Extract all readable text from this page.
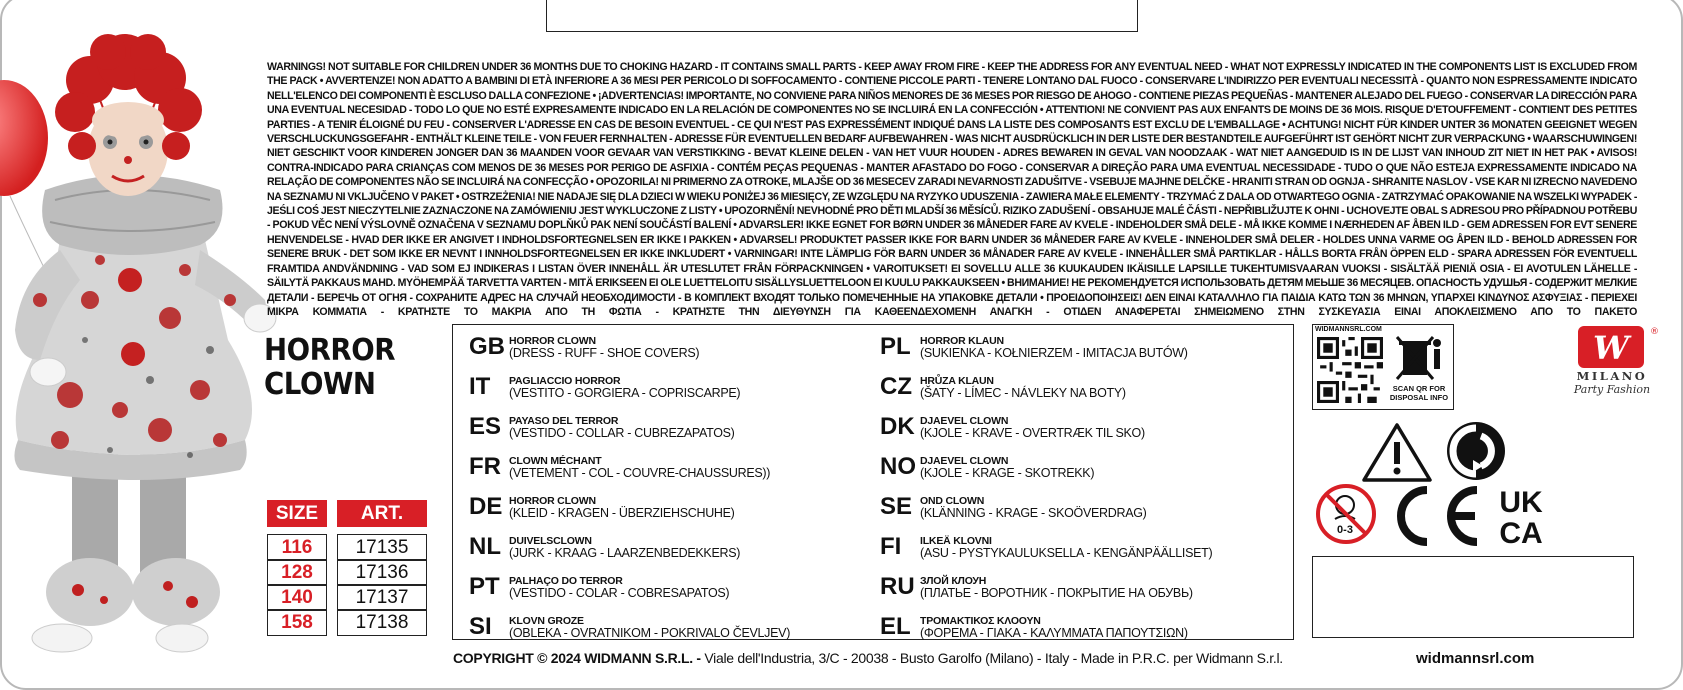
WARNINGS! NOT SUITABLE FOR CHILDREN UNDER 36 MONTHS DUE TO CHOKING HAZARD - IT CONTAINS SMALL PARTS - KEEP AWAY FROM FIRE - KEEP THE ADDRESS FOR ANY EVENTUAL NEED - WHAT NOT EXPRESSLY INDICATED IN THE COMPONENTS LIST IS EXCLUDED FROM THE PACK • AVVERTENZE! NON ADATTO A BAMBINI DI ETÀ INFERIORE A 36 MESI PER PERICOLO DI SOFFOCAMENTO - CONTIENE PICCOLE PARTI - TENERE LONTANO DAL FUOCO - CONSERVARE L'INDIRIZZO PER EVENTUALI NECESSITÀ - QUANTO NON ESPRESSAMENTE INDICATO NELL'ELENCO DEI COMPONENTI È ESCLUSO DALLA CONFEZIONE • ¡ADVERTENCIAS! IMPORTANTE, NO CONVIENE PARA NIÑOS MENORES DE 36 MESES POR RIESGO DE AHOGO - CONTIENE PIEZAS PEQUEÑAS - MANTENER ALEJADO DEL FUEGO - CONSERVAR LA DIRECCIÓN PARA UNA EVENTUAL NECESIDAD - TODO LO QUE NO ESTÉ EXPRESAMENTE INDICADO EN LA RELACIÓN DE COMPONENTES NO SE INCLUIRÁ EN LA CONFECCIÓN • ATTENTION! NE CONVIENT PAS AUX ENFANTS DE MOINS DE 36 MOIS. RISQUE D'ETOUFFEMENT - CONTIENT DES PETITES PARTIES - A TENIR ÉLOIGNÉ DU FEU - CONSERVER L'ADRESSE EN CAS DE BESOIN EVENTUEL - CE QUI N'EST PAS EXPRESSÉMENT INDIQUÉ DANS LA LISTE DES COMPOSANTS EST EXCLU DE L'EMBALLAGE • ACHTUNG! NICHT FÜR KINDER UNTER 36 MONATEN GEEIGNET WEGEN VERSCHLUCKUNGSGEFAHR - ENTHÄLT KLEINE TEILE - VON FEUER FERNHALTEN - ADRESSE FÜR EVENTUELLEN BEDARF AUFBEWAHREN - WAS NICHT AUSDRÜCKLICH IN DER LISTE DER BESTANDTEILE AUFGEFÜHRT IST GEHÖRT NICHT ZUR VERPACKUNG • WAARSCHUWINGEN! NIET GESCHIKT VOOR KINDEREN JONGER DAN 36 MAANDEN VOOR GEVAAR VAN VERSTIKKING - BEVAT KLEINE DELEN - VAN HET VUUR HOUDEN - ADRES BEWAREN IN GEVAL VAN NOODZAAK - WAT NIET AANGEDUID IS IN DE LIJST VAN INHOUD ZIT NIET IN HET PAK • AVISOS! CONTRA-INDICADO PARA CRIANÇAS COM MENOS DE 36 MESES POR PERIGO DE ASFIXIA - CONTÉM PEÇAS PEQUENAS - MANTER AFASTADO DO FOGO - CONSERVAR A DIREÇÃO PARA UMA EVENTUAL NECESSIDADE - TUDO O QUE NÃO ESTEJA EXPRESSAMENTE INDICADO NA RELAÇÃO DE COMPONENTES NÃO SE INCLUIRÁ NA CONFECÇÃO • OPOZORILA! NI PRIMERNO ZA OTROKE, MLAJŠE OD 36 MESECEV ZARADI NEVARNOSTI ZADUŠITVE - VSEBUJE MAJHNE DELČKE - HRANITI STRAN OD OGNJA - SHRANITE NASLOV - VSE KAR NI IZRECNO NAVEDENO NA SEZNAMU NI VKLJUČENO V PAKET • OSTRZEŻENIA! NIE NADAJE SIĘ DLA DZIECI W WIEKU PONIŻEJ 36 MIESIĘCY, ZE WZGLĘDU NA RYZYKO UDUSZENIA - ZAWIERA MAŁE ELEMENTY - TRZYMAĆ Z DALA OD OTWARTEGO OGNIA - ZATRZYMAĆ OPAKOWANIE NA WSZELKI WYPADEK - JEŚLI COŚ JEST NIECZYTELNIE ZAZNACZONE NA ZAMÓWIENIU JEST WYKLUCZONE Z LISTY • UPOZORNĚNÍ! NEVHODNÉ PRO DĚTI MLADŠÍ 36 MĚSÍCŮ. RIZIKO ZADUŠENÍ - OBSAHUJE MALÉ ČÁSTI - NEPŘIBLIŽUJTE K OHNI - UCHOVEJTE OBAL S ADRESOU PRO PŘÍPADNOU POTŘEBU - POKUD VĚC NENÍ VÝSLOVNĚ OZNAČENA V SEZNAMU DOPLŇKŮ PAK NENÍ SOUČÁSTÍ BALENÍ • ADVARSLER! IKKE EGNET FOR BØRN UNDER 36 MÅNEDER FARE AV KVELE - INDEHOLDER SMÅ DELE - MÅ IKKE KOMME I NÆRHEDEN AF ÅBEN ILD - GEM ADRESSEN FOR EVT SENERE HENVENDELSE - HVAD DER IKKE ER ANGIVET I INDHOLDSFORTEGNELSEN ER IKKE I PAKKEN • ADVARSEL! PRODUKTET PASSER IKKE FOR BARN UNDER 36 MÅNEDER FARE AV KVELE - INNEHOLDER SMÅ DELER - HOLDES UNNA VARME OG ÅPEN ILD - BEHOLD ADRESSEN FOR SENERE BRUK - DET SOM IKKE ER NEVNT I INNHOLDSFORTEGNELSEN ER IKKE INKLUDERT • VARNINGAR! INTE LÄMPLIG FÖR BARN UNDER 36 MÅNADER FARE AV KVELE - INNEHÅLLER SMÅ PARTIKLAR - HÅLLS BORTA FRÅN ÖPPEN ELD - SPARA ADRESSEN FÖR EVENTUELL FRAMTIDA ANDVÄNDNING - VAD SOM EJ INDIKERAS I LISTAN ÖVER INNEHÅLL ÄR UTESLUTET FRÅN FÖRPACKNINGEN • VAROITUKSET! EI SOVELLU ALLE 36 KUUKAUDEN IKÄISILLE LAPSILLE TUKEHTUMISVAARAN VUOKSI - SISÄLTÄÄ PIENIÄ OSIA - EI AVOTULEN LÄHELLE - SÄILYTÄ PAKKAUS MAHD. MYÖHEMPÄÄ TARVETTA VARTEN - MITÄ ERIKSEEN EI OLE LUETTELOITU SISÄLLYSLUETTELOON EI KUULU PAKKAUKSEEN • ВНИМАНИЕ! НЕ РЕКОМЕНДУЕТСЯ ИСПОЛЬЗОВАТЬ ДЕТЯМ МЕЬШЕ 36 МЕСЯЦЕВ. ОПАСНОСТЬ УДУШЬЯ - СОДЕРЖИТ МЕЛКИЕ ДЕТАЛИ - БЕРЕЧЬ ОТ ОГНЯ - СОХРАНИТЕ АДРЕС НА СЛУЧАЙ НЕОБХОДИМОСТИ - В КОМПЛЕКТ ВХОДЯТ ТОЛЬКО ПОМЕЧЕННЫЕ НА УПАКОВКЕ ДЕТАЛИ • ΠΡΟΕΙΔΟΠΟΙΗΣΕΙΣ! ΔΕΝ ΕΙΝΑΙ ΚΑΤΑΛΛΗΛΟ ΓΙΑ ΠΑΙΔΙΑ ΚΑΤΩ ΤΩΝ 36 ΜΗΝΩΝ, ΥΠΑΡΧΕΙ ΚΙΝΔΥΝΟΣ ΑΣΦΥΞΙΑΣ - ΠΕΡΙΕΧΕΙ ΜΙΚΡΑ ΚΟΜΜΑΤΙΑ - ΚΡΑΤΗΣΤΕ ΤΟ ΜΑΚΡΙΑ ΑΠΟ ΤΗ ΦΩΤΙΑ - ΚΡΑΤΗΣΤΕ ΤΗΝ ΔΙΕΥΘΥΝΣΗ ΓΙΑ ΚΑΘΕΕΝΔΕΧΟΜΕΝΗ ΑΝΑΓΚΗ - ΟΤΙΔΕΝ ΑΝΑΦΕΡΕΤΑΙ ΣΗΜΕΙΩΜΕΝΟ ΣΤΗΝ ΣΥΣΚΕΥΑΣΙΑ ΕΙΝΑΙ ΑΠΟΚΛΕΙΣΜΕΝΟ ΑΠΟ ΤΟ ΠΑΚΕΤΟ
HORROR
CLOWN
SIZE	ART.
116	17135
128	17136
140	17137
158	17138
GB HORROR CLOWN
(DRESS - RUFF - SHOE COVERS)
IT	PAGLIACCIO HORROR
(VESTITO - GORGIERA - COPRISCARPE)
ES PAYASO DEL TERROR
(VESTIDO - COLLAR - CUBREZAPATOS)
FR CLOWN MÉCHANT
(VETEMENT - COL - COUVRE-CHAUSSURES))
DE HORROR CLOWN
(KLEID - KRAGEN - ÜBERZIEHSCHUHE)
NL DUIVELSCLOWN
(JURK - KRAAG - LAARZENBEDEKKERS)
PT PALHAÇO DO TERROR
(VESTIDO - COLAR - COBRESAPATOS)
SI	KLOVN GROZE
(OBLEKA - OVRATNIKOM - POKRIVALO ČEVLJEV)
PL HORROR KLAUN
(SUKIENKA - KOŁNIERZEM - IMITACJA BUTÓW)
CZ HRŮZA KLAUN
(ŠATY - LÍMEC - NÁVLEKY NA BOTY)
DK DJAEVEL CLOWN
(KJOLE - KRAVE - OVERTRÆK TIL SKO)
NO DJAEVEL CLOWN
(KJOLE - KRAGE - SKOTREKK)
SE OND CLOWN
(KLÄNNING - KRAGE - SKOÖVERDRAG)
FI	ILKEÄ KLOVNI
(ASU - PYSTYKAULUKSELLA - KENGÄNPÄÄLLISET)
RU ЗЛОЙ КЛОУН
(ПЛАТЬЕ - ВОРОТНИК - ПОКРЫТИЕ НА ОБУВЬ)
EL ΤΡΟΜΑΚΤΙΚΟΣ ΚΛΟΟΥΝ
(ΦΟΡΕΜΑ - ΓΙΑΚΑ - ΚΑΛΥΜΜΑΤΑ ΠΑΠΟΥΤΣΙΩΝ)
COPYRIGHT © 2024 WIDMANN S.R.L. - Viale dell'Industria, 3/C - 20038 - Busto Garolfo (Milano) - Italy - Made in P.R.C. per Widmann S.r.l.	widmannsrl.com
WIDMANNSRL.COM
SCAN QR FOR DISPOSAL INFO
W	®
MILANO
Party Fashion
0-3
CE
UK
CA
